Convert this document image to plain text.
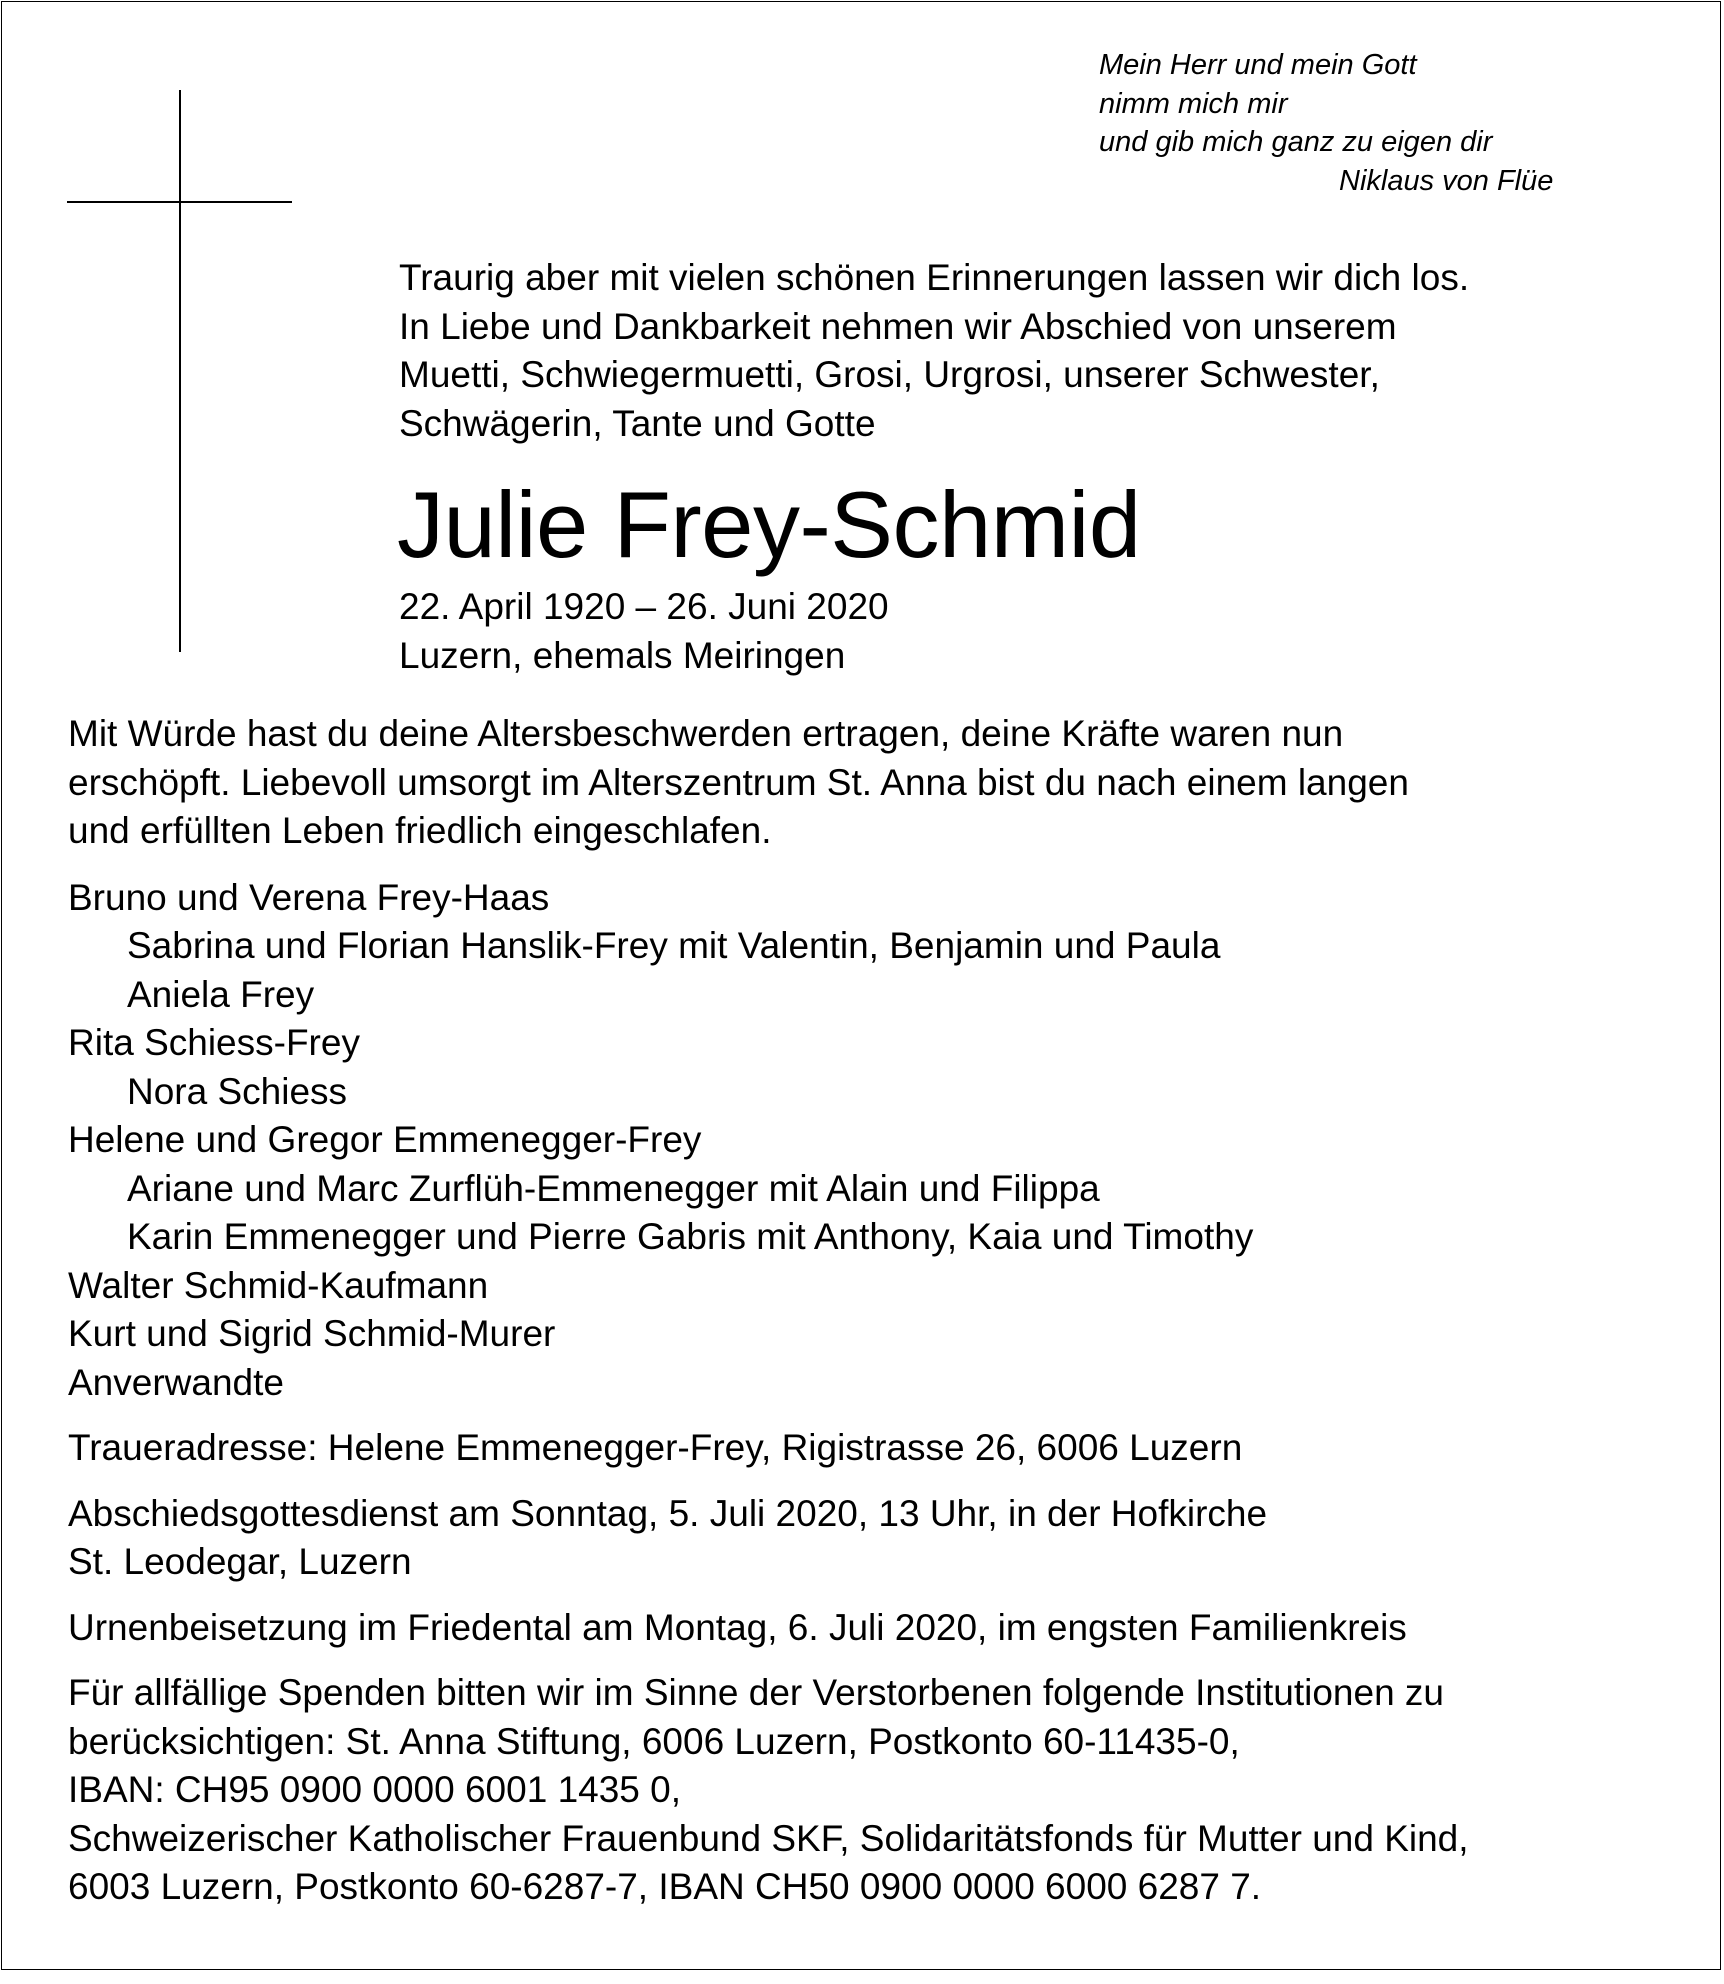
Mein Herr und mein Gott
nimm mich mir
und gib mich ganz zu eigen dir
Niklaus von Flüe
Traurig aber mit vielen schönen Erinnerungen lassen wir dich los.
In Liebe und Dankbarkeit nehmen wir Abschied von unserem
Muetti, Schwiegermuetti, Grosi, Urgrosi, unserer Schwester,
Schwägerin, Tante und Gotte
Julie Frey-Schmid
22. April 1920 – 26. Juni 2020
Luzern, ehemals Meiringen
Mit Würde hast du deine Altersbeschwerden ertragen, deine Kräfte waren nun
erschöpft. Liebevoll umsorgt im Alterszentrum St. Anna bist du nach einem langen
und erfüllten Leben friedlich eingeschlafen.
Bruno und Verena Frey-Haas
Sabrina und Florian Hanslik-Frey mit Valentin, Benjamin und Paula
Aniela Frey
Rita Schiess-Frey
Nora Schiess
Helene und Gregor Emmenegger-Frey
Ariane und Marc Zurflüh-Emmenegger mit Alain und Filippa
Karin Emmenegger und Pierre Gabris mit Anthony, Kaia und Timothy
Walter Schmid-Kaufmann
Kurt und Sigrid Schmid-Murer
Anverwandte
Traueradresse: Helene Emmenegger-Frey, Rigistrasse 26, 6006 Luzern
Abschiedsgottesdienst am Sonntag, 5. Juli 2020, 13 Uhr, in der Hofkirche
St. Leodegar, Luzern
Urnenbeisetzung im Friedental am Montag, 6. Juli 2020, im engsten Familienkreis
Für allfällige Spenden bitten wir im Sinne der Verstorbenen folgende Institutionen zu
berücksichtigen: St. Anna Stiftung, 6006 Luzern, Postkonto 60-11435-0,
IBAN: CH95 0900 0000 6001 1435 0,
Schweizerischer Katholischer Frauenbund SKF, Solidaritätsfonds für Mutter und Kind,
6003 Luzern, Postkonto 60-6287-7, IBAN CH50 0900 0000 6000 6287 7.
